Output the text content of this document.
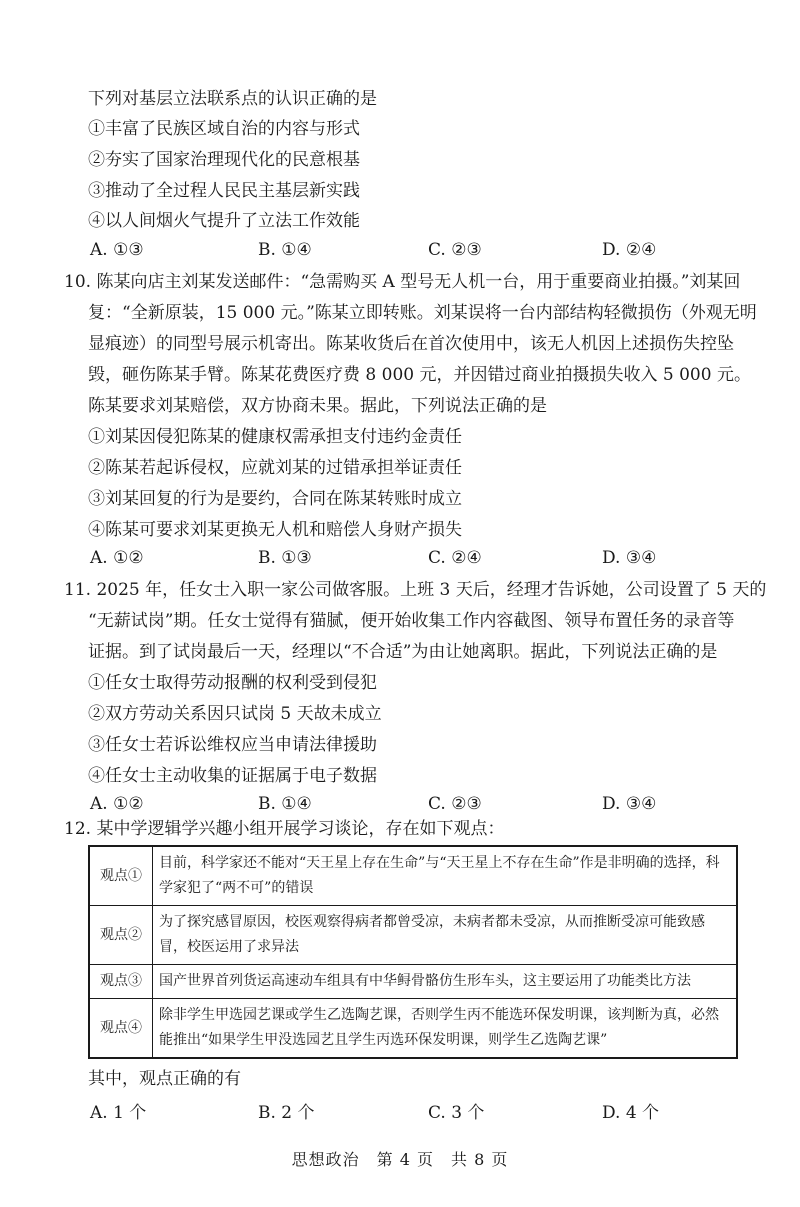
下列对基层立法联系点的认识正确的是
①丰富了民族区域自治的内容与形式
②夯实了国家治理现代化的民意根基
③推动了全过程人民民主基层新实践
④以人间烟火气提升了立法工作效能
A. ①③	B. ①④	C. ②③	D. ②④
10. 陈某向店主刘某发送邮件：“急需购买 A 型号无人机一台，用于重要商业拍摄。”刘某回
复：“全新原装，15 000 元。”陈某立即转账。刘某误将一台内部结构轻微损伤（外观无明
显痕迹）的同型号展示机寄出。陈某收货后在首次使用中，该无人机因上述损伤失控坠
毁，砸伤陈某手臂。陈某花费医疗费 8 000 元，并因错过商业拍摄损失收入 5 000 元。
陈某要求刘某赔偿，双方协商未果。据此，下列说法正确的是
①刘某因侵犯陈某的健康权需承担支付违约金责任
②陈某若起诉侵权，应就刘某的过错承担举证责任
③刘某回复的行为是要约，合同在陈某转账时成立
④陈某可要求刘某更换无人机和赔偿人身财产损失
A. ①②	B. ①③	C. ②④	D. ③④
11. 2025 年，任女士入职一家公司做客服。上班 3 天后，经理才告诉她，公司设置了 5 天的
“无薪试岗”期。任女士觉得有猫腻，便开始收集工作内容截图、领导布置任务的录音等
证据。到了试岗最后一天，经理以“不合适”为由让她离职。据此，下列说法正确的是
①任女士取得劳动报酬的权利受到侵犯
②双方劳动关系因只试岗 5 天故未成立
③任女士若诉讼维权应当申请法律援助
④任女士主动收集的证据属于电子数据
A. ①②	B. ①④	C. ②③	D. ③④
12. 某中学逻辑学兴趣小组开展学习谈论，存在如下观点：
观点①	目前，科学家还不能对“天王星上存在生命”与“天王星上不存在生命”作是非明确的选择，科学家犯了“两不可”的错误
观点②	为了探究感冒原因，校医观察得病者都曾受凉，未病者都未受凉，从而推断受凉可能致感冒，校医运用了求异法
观点③	国产世界首列货运高速动车组具有中华鲟骨骼仿生形车头，这主要运用了功能类比方法
观点④	除非学生甲选园艺课或学生乙选陶艺课，否则学生丙不能选环保发明课，该判断为真，必然能推出“如果学生甲没选园艺且学生丙选环保发明课，则学生乙选陶艺课”
其中，观点正确的有
A. 1 个	B. 2 个	C. 3 个	D. 4 个
思想政治　第 4 页　共 8 页
